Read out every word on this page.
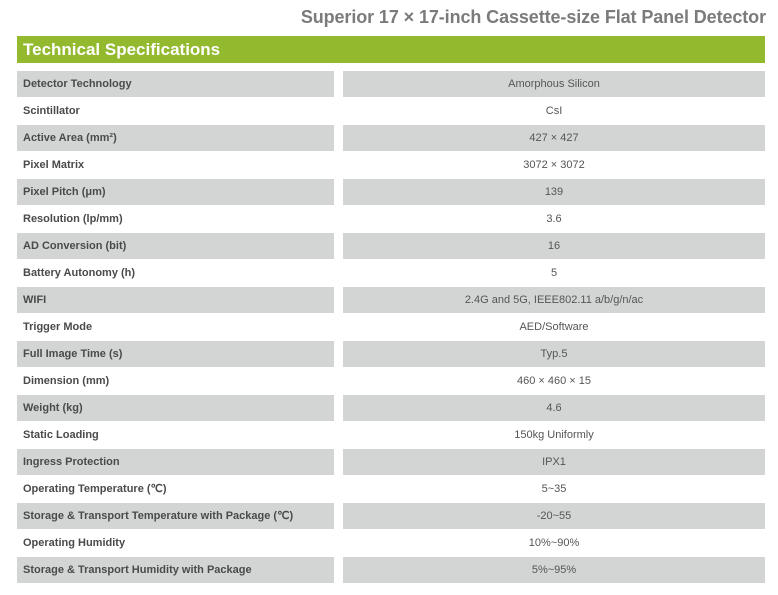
Superior 17 × 17-inch Cassette-size Flat Panel Detector
Technical Specifications
Detector Technology	Amorphous Silicon
Scintillator	CsI
Active Area (mm²)	427 × 427
Pixel Matrix	3072 × 3072
Pixel Pitch (μm)	139
Resolution (lp/mm)	3.6
AD Conversion (bit)	16
Battery Autonomy (h)	5
WIFI	2.4G and 5G, IEEE802.11 a/b/g/n/ac
Trigger Mode	AED/Software
Full Image Time (s)	Typ.5
Dimension (mm)	460 × 460 × 15
Weight (kg)	4.6
Static Loading	150kg Uniformly
Ingress Protection	IPX1
Operating Temperature (℃)	5~35
Storage & Transport Temperature with Package (℃)	-20~55
Operating Humidity	10%~90%
Storage & Transport Humidity with Package	5%~95%
